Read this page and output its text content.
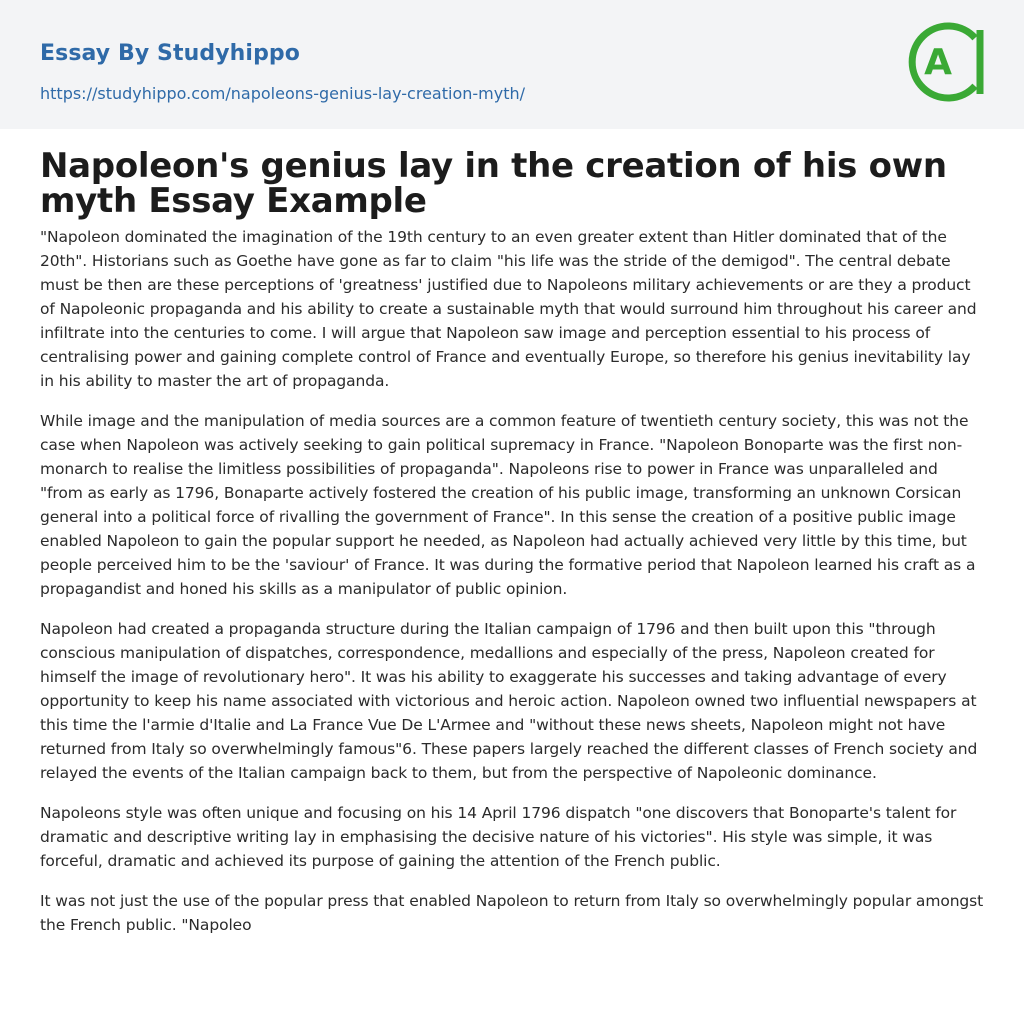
Essay By Studyhippo
https://studyhippo.com/napoleons-genius-lay-creation-myth/
A
Napoleon's genius lay in the creation of his own myth Essay Example

"Napoleon dominated the imagination of the 19th century to an even greater extent than Hitler dominated that of the 20th". Historians such as Goethe have gone as far to claim "his life was the stride of the demigod". The central debate must be then are these perceptions of 'greatness' justified due to Napoleons military achievements or are they a product of Napoleonic propaganda and his ability to create a sustainable myth that would surround him throughout his career and infiltrate into the centuries to come. I will argue that Napoleon saw image and perception essential to his process of centralising power and gaining complete control of France and eventually Europe, so therefore his genius inevitability lay in his ability to master the art of propaganda.

While image and the manipulation of media sources are a common feature of twentieth century society, this was not the case when Napoleon was actively seeking to gain political supremacy in France. "Napoleon Bonoparte was the first non-monarch to realise the limitless possibilities of propaganda". Napoleons rise to power in France was unparalleled and "from as early as 1796, Bonaparte actively fostered the creation of his public image, transforming an unknown Corsican general into a political force of rivalling the government of France". In this sense the creation of a positive public image enabled Napoleon to gain the popular support he needed, as Napoleon had actually achieved very little by this time, but people perceived him to be the 'saviour' of France. It was during the formative period that Napoleon learned his craft as a propagandist and honed his skills as a manipulator of public opinion.

Napoleon had created a propaganda structure during the Italian campaign of 1796 and then built upon this "through conscious manipulation of dispatches, correspondence, medallions and especially of the press, Napoleon created for himself the image of revolutionary hero". It was his ability to exaggerate his successes and taking advantage of every opportunity to keep his name associated with victorious and heroic action. Napoleon owned two influential newspapers at this time the l'armie d'Italie and La France Vue De L'Armee and "without these news sheets, Napoleon might not have returned from Italy so overwhelmingly famous"6. These papers largely reached the different classes of French society and relayed the events of the Italian campaign back to them, but from the perspective of Napoleonic dominance.

Napoleons style was often unique and focusing on his 14 April 1796 dispatch "one discovers that Bonoparte's talent for dramatic and descriptive writing lay in emphasising the decisive nature of his victories". His style was simple, it was forceful, dramatic and achieved its purpose of gaining the attention of the French public.

It was not just the use of the popular press that enabled Napoleon to return from Italy so overwhelmingly popular amongst the French public. "Napoleo
